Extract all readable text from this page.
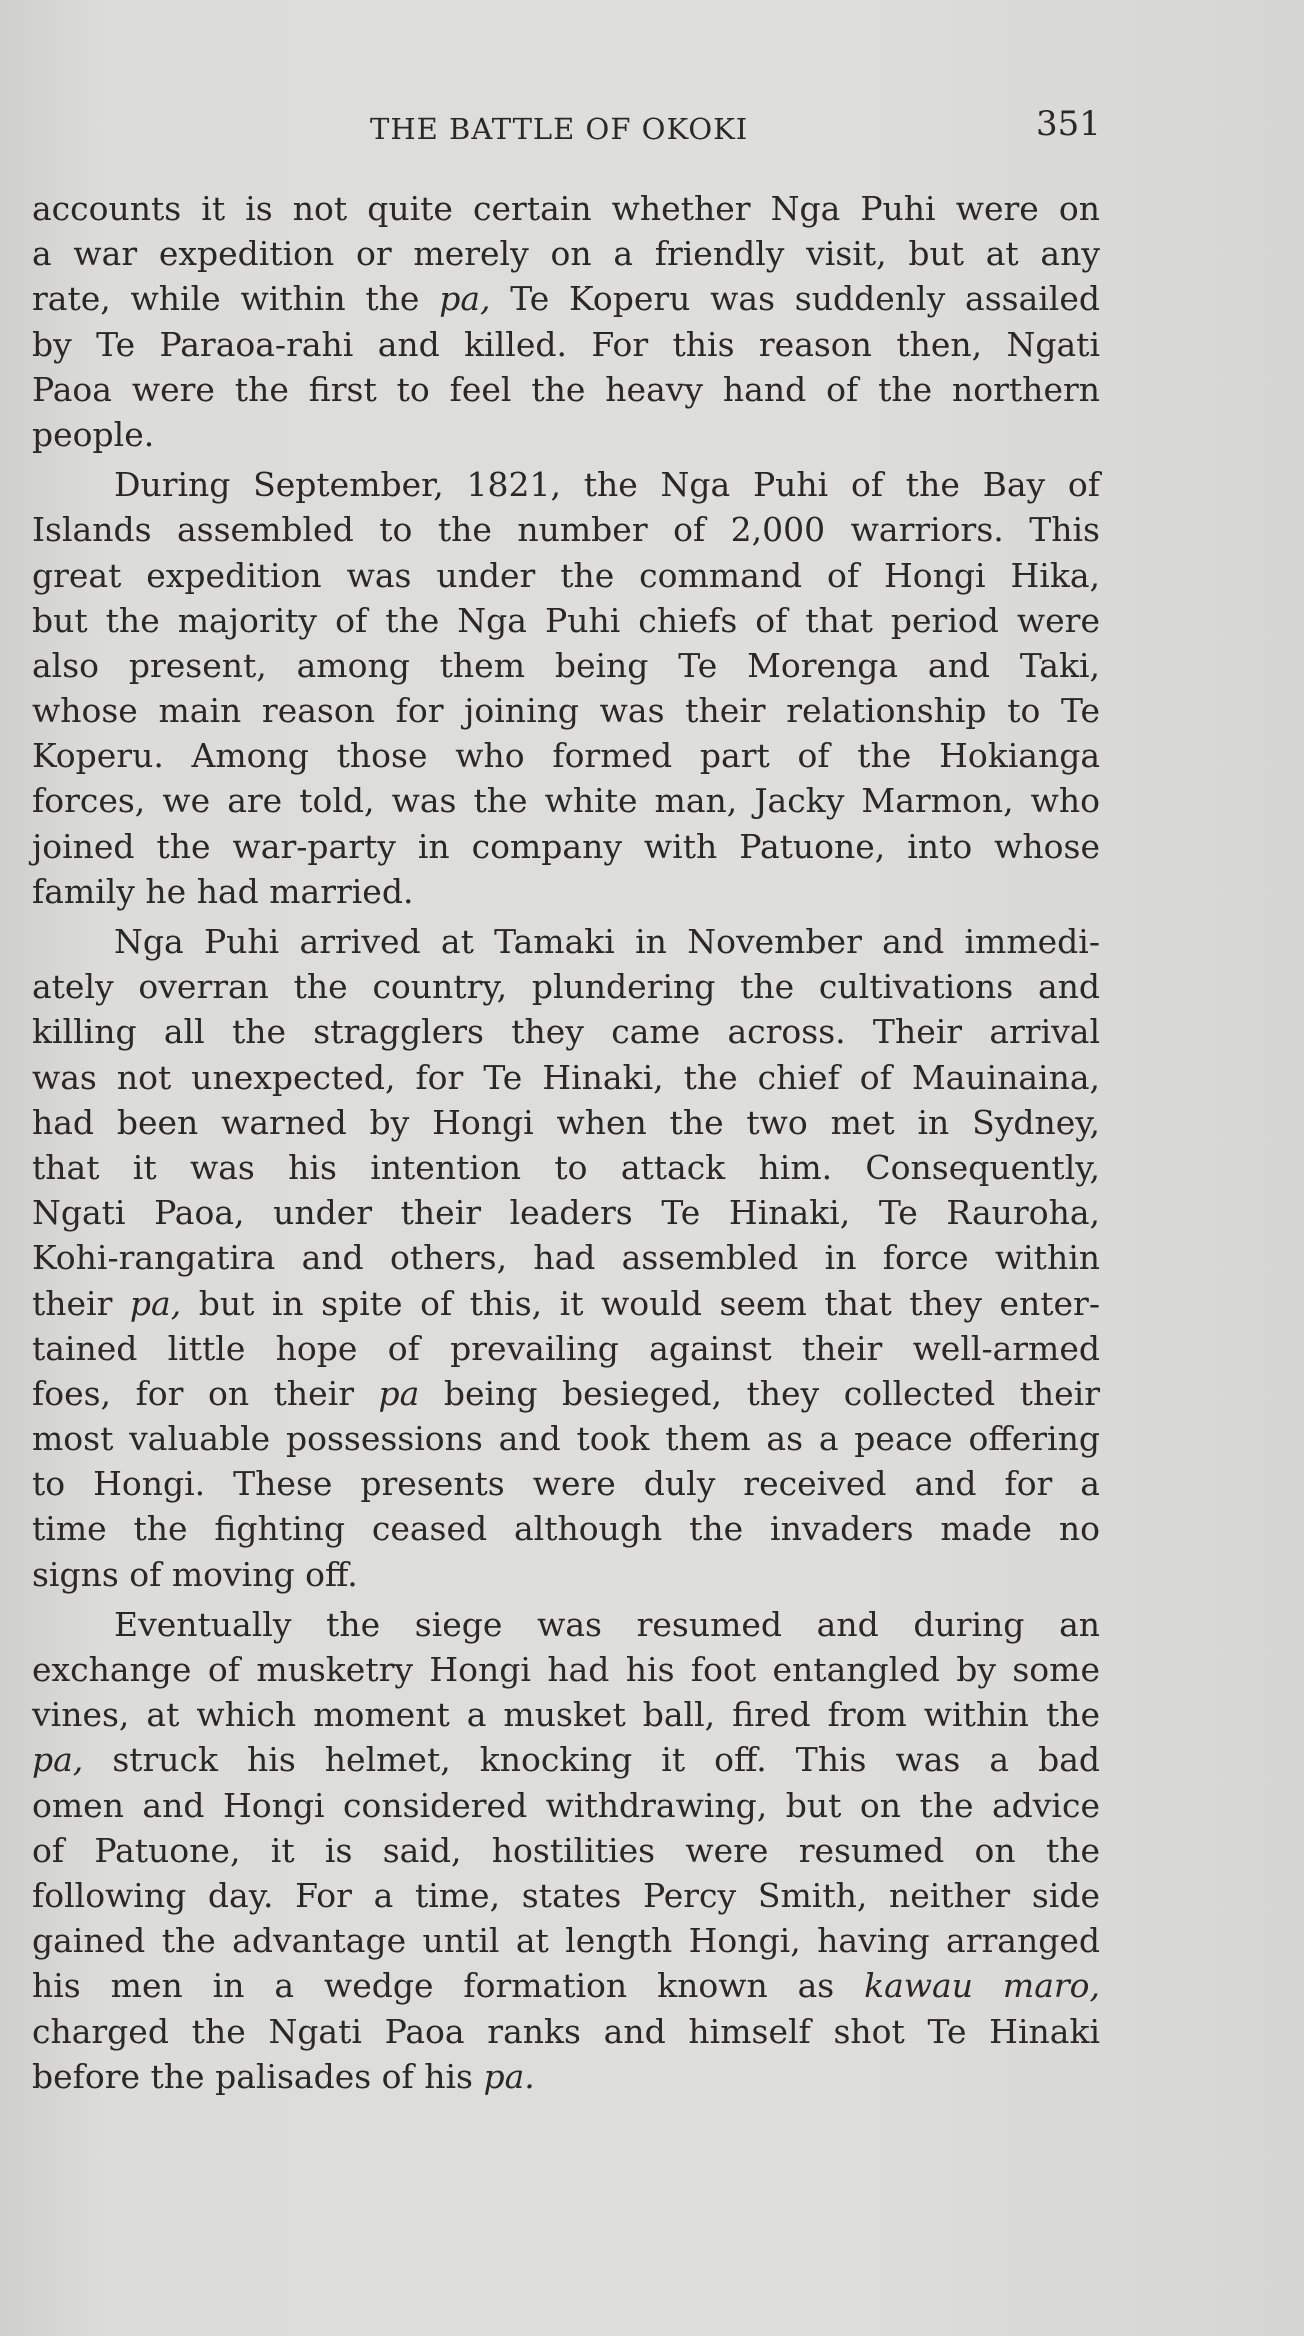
THE BATTLE OF OKOKI	351
accounts it is not quite certain whether Nga Puhi were on
a war expedition or merely on a friendly visit, but at any
rate, while within the pa, Te Koperu was suddenly assailed
by Te Paraoa-rahi and killed. For this reason then, Ngati
Paoa were the first to feel the heavy hand of the northern
people.
During September, 1821, the Nga Puhi of the Bay of
Islands assembled to the number of 2,000 warriors. This
great expedition was under the command of Hongi Hika,
but the majority of the Nga Puhi chiefs of that period were
also present, among them being Te Morenga and Taki,
whose main reason for joining was their relationship to Te
Koperu. Among those who formed part of the Hokianga
forces, we are told, was the white man, Jacky Marmon, who
joined the war-party in company with Patuone, into whose
family he had married.
Nga Puhi arrived at Tamaki in November and immedi-
ately overran the country, plundering the cultivations and
killing all the stragglers they came across. Their arrival
was not unexpected, for Te Hinaki, the chief of Mauinaina,
had been warned by Hongi when the two met in Sydney,
that it was his intention to attack him. Consequently,
Ngati Paoa, under their leaders Te Hinaki, Te Rauroha,
Kohi-rangatira and others, had assembled in force within
their pa, but in spite of this, it would seem that they enter-
tained little hope of prevailing against their well-armed
foes, for on their pa being besieged, they collected their
most valuable possessions and took them as a peace offering
to Hongi. These presents were duly received and for a
time the fighting ceased although the invaders made no
signs of moving off.
Eventually the siege was resumed and during an
exchange of musketry Hongi had his foot entangled by some
vines, at which moment a musket ball, fired from within the
pa, struck his helmet, knocking it off. This was a bad
omen and Hongi considered withdrawing, but on the advice
of Patuone, it is said, hostilities were resumed on the
following day. For a time, states Percy Smith, neither side
gained the advantage until at length Hongi, having arranged
his men in a wedge formation known as kawau maro,
charged the Ngati Paoa ranks and himself shot Te Hinaki
before the palisades of his pa.
